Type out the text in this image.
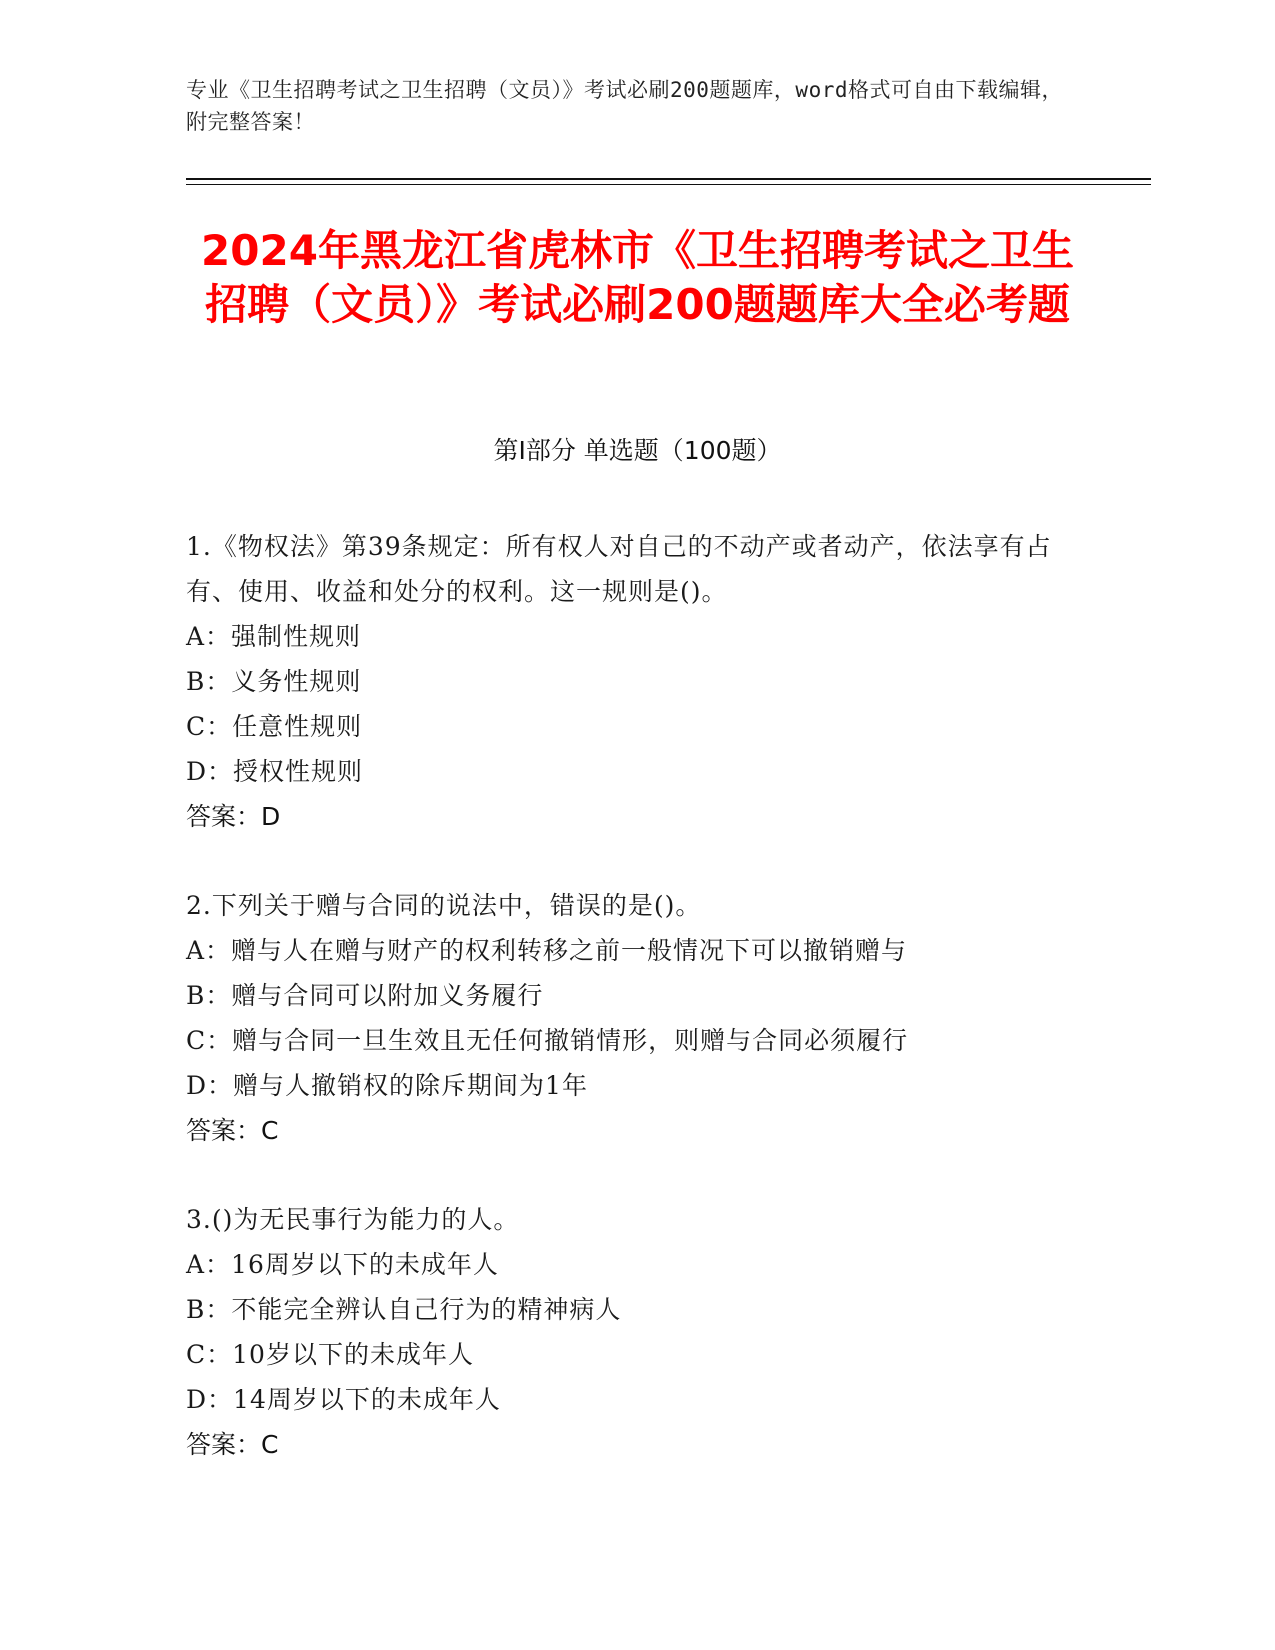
专业《卫生招聘考试之卫生招聘（文员）》考试必刷200题题库，word格式可自由下载编辑，附完整答案！
2024年黑龙江省虎林市《卫生招聘考试之卫生招聘（文员）》考试必刷200题题库大全必考题
第Ⅰ部分 单选题（100题）
1.《物权法》第39条规定：所有权人对自己的不动产或者动产，依法享有占有、使用、收益和处分的权利。这一规则是()。
A：强制性规则
B：义务性规则
C：任意性规则
D：授权性规则
答案：D
2.下列关于赠与合同的说法中，错误的是()。
A：赠与人在赠与财产的权利转移之前一般情况下可以撤销赠与
B：赠与合同可以附加义务履行
C：赠与合同一旦生效且无任何撤销情形，则赠与合同必须履行
D：赠与人撤销权的除斥期间为1年
答案：C
3.()为无民事行为能力的人。
A：16周岁以下的未成年人
B：不能完全辨认自己行为的精神病人
C：10岁以下的未成年人
D：14周岁以下的未成年人
答案：C
